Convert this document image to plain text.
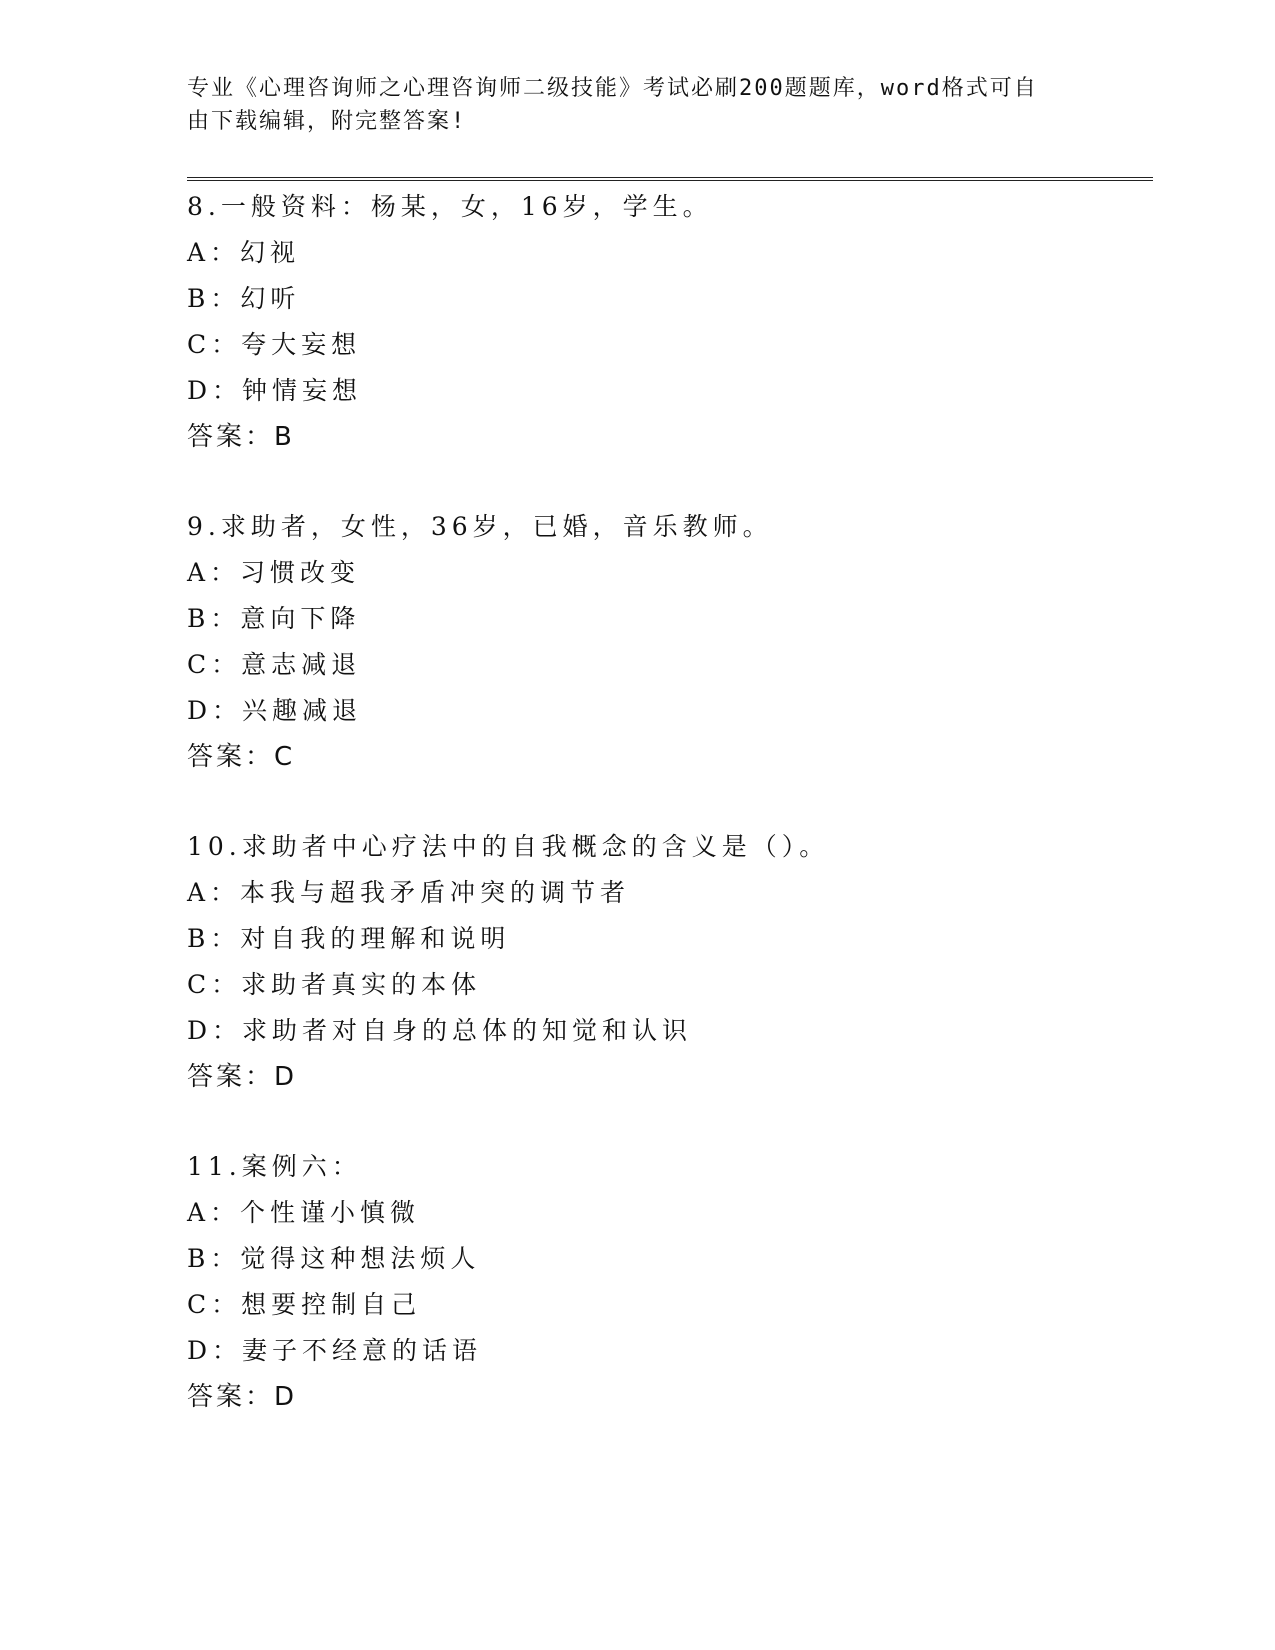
专业《心理咨询师之心理咨询师二级技能》考试必刷200题题库，word格式可自
由下载编辑，附完整答案!
8.一般资料：杨某，女，16岁，学生。
A：幻视
B：幻听
C：夸大妄想
D：钟情妄想
答案：B
9.求助者，女性，36岁，已婚，音乐教师。
A：习惯改变
B：意向下降
C：意志减退
D：兴趣减退
答案：C
10.求助者中心疗法中的自我概念的含义是（）。
A：本我与超我矛盾冲突的调节者
B：对自我的理解和说明
C：求助者真实的本体
D：求助者对自身的总体的知觉和认识
答案：D
11.案例六：
A：个性谨小慎微
B：觉得这种想法烦人
C：想要控制自己
D：妻子不经意的话语
答案：D
